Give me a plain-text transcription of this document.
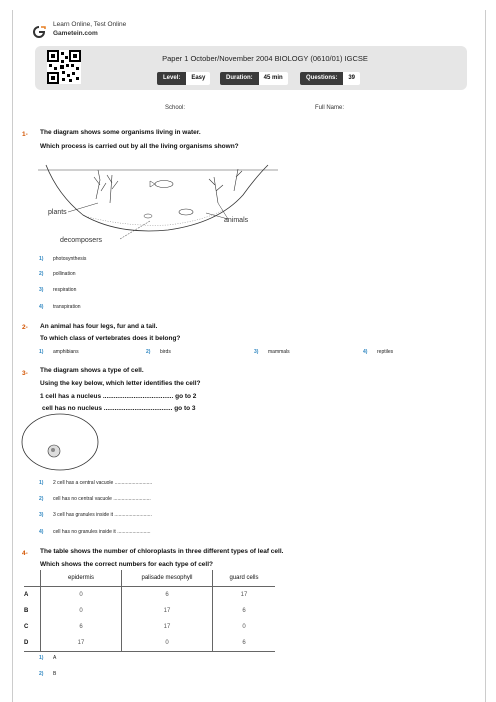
Learn Online, Test Online
Gametein.com
Paper 1 October/November 2004 BIOLOGY (0610/01) IGCSE
Level:	Easy	Duration:	45 min	Questions:	39
School:	Full Name:
1- The diagram shows some organisms living in water.
Which process is carried out by all the living organisms shown?
plants
animals
decomposers
1) photosynthesis
2) pollination
3) respiration
4) transpiration
2- An animal has four legs, fur and a tail.
To which class of vertebrates does it belong?
1) amphibians	2) birds	3) mammals	4) reptiles
3- The diagram shows a type of cell.
Using the key below, which letter identifies the cell?
1 cell has a nucleus ....................................... go to 2
cell has no nucleus ...................................... go to 3
1) 2 cell has a central vacuole ...........................
2) cell has no central vacuole ...........................
3) 3 cell has granules inside it ...........................
4) cell has no granules inside it ........................
4- The table shows the number of chloroplasts in three different types of leaf cell.
Which shows the correct numbers for each type of cell?
	epidermis	palisade mesophyll	guard cells
A	0	6	17
B	0	17	6
C	6	17	0
D	17	0	6
1) A
2) B
